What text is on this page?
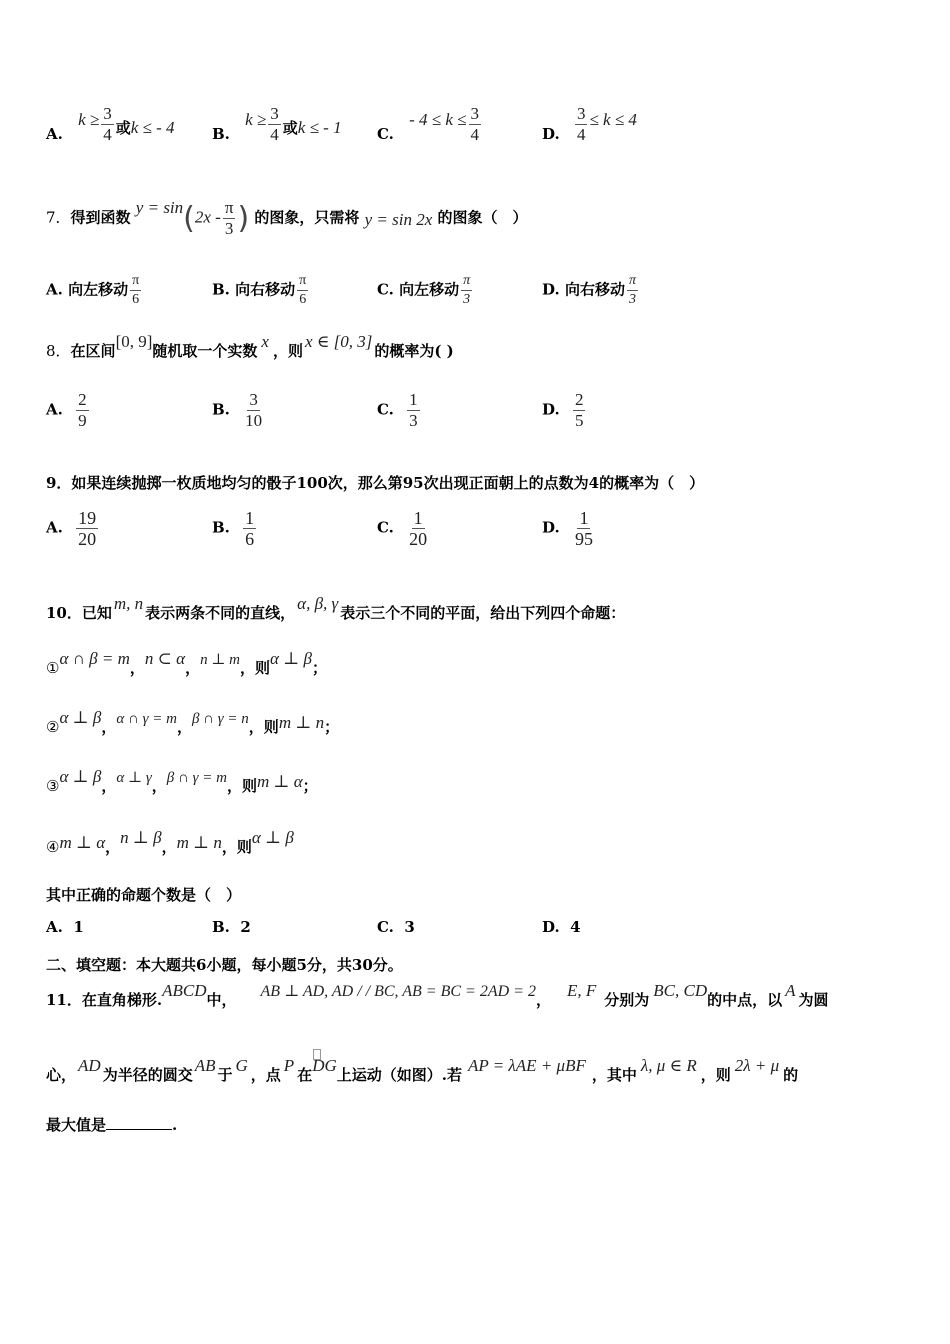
A. $k \ge \frac{3}{4}$ 或k ≤ - 4 B. $k \ge \frac{3}{4}$ 或k ≤ - 1 C. - $4 \le k \le \frac{3}{4}$	D. $\frac{3}{4} \le k \le 4$
7．得到函数 $y = \sin(2x - \frac{\pi}{3}$ ) 的图象，只需将 y = sin 2x 的图象（　）
A. 向左移动 $\frac{\pi}{6}$	B. 向右移动 $\frac{\pi}{6}$	C. 向左移动 $\frac{\pi}{3}$	D. 向右移动 $\frac{\pi}{3}$
8．在区间[0, 9]随机取一个实数 x ，则 x ∈ [0, 3] 的概率为( )
A. $\frac{2}{9}$	B. $\frac{3}{10}$	C. $\frac{1}{3}$	D. $\frac{2}{5}$
9．如果连续抛掷一枚质地均匀的骰子100次，那么第95次出现正面朝上的点数为4的概率为（　）
A. $\frac{19}{20}$	B. $\frac{1}{6}$	C. $\frac{1}{20}$	D. $\frac{1}{95}$
10．已知 m, n 表示两条不同的直线， α, β, γ 表示三个不同的平面，给出下列四个命题：
①α ∩ β = m，n ⊂ α，n ⊥ m，则α ⊥ β；
②α ⊥ β，α ∩ γ = m，β ∩ γ = n，则m ⊥ n；
③α ⊥ β，α ⊥ γ，β ∩ γ = m，则m ⊥ α；
④m ⊥ α，n ⊥ β，m ⊥ n，则α ⊥ β
其中正确的命题个数是（　）
A. 1	B. 2	C. 3	D. 4
二、填空题：本大题共6小题，每小题5分，共30分。
11．在直角梯形.ABCD中， AB ⊥ AD, AD / / BC, AB = BC = 2AD = 2， E, F 分别为 BC, CD的中点，以 A 为圆
心， AD 为半径的圆交 AB 于 G ，点 P 在
DG上运动（如图）.若 AP = λAE + μBF ，其中 λ, μ ∈ R ，则 2λ + μ 的
最大值是	.
